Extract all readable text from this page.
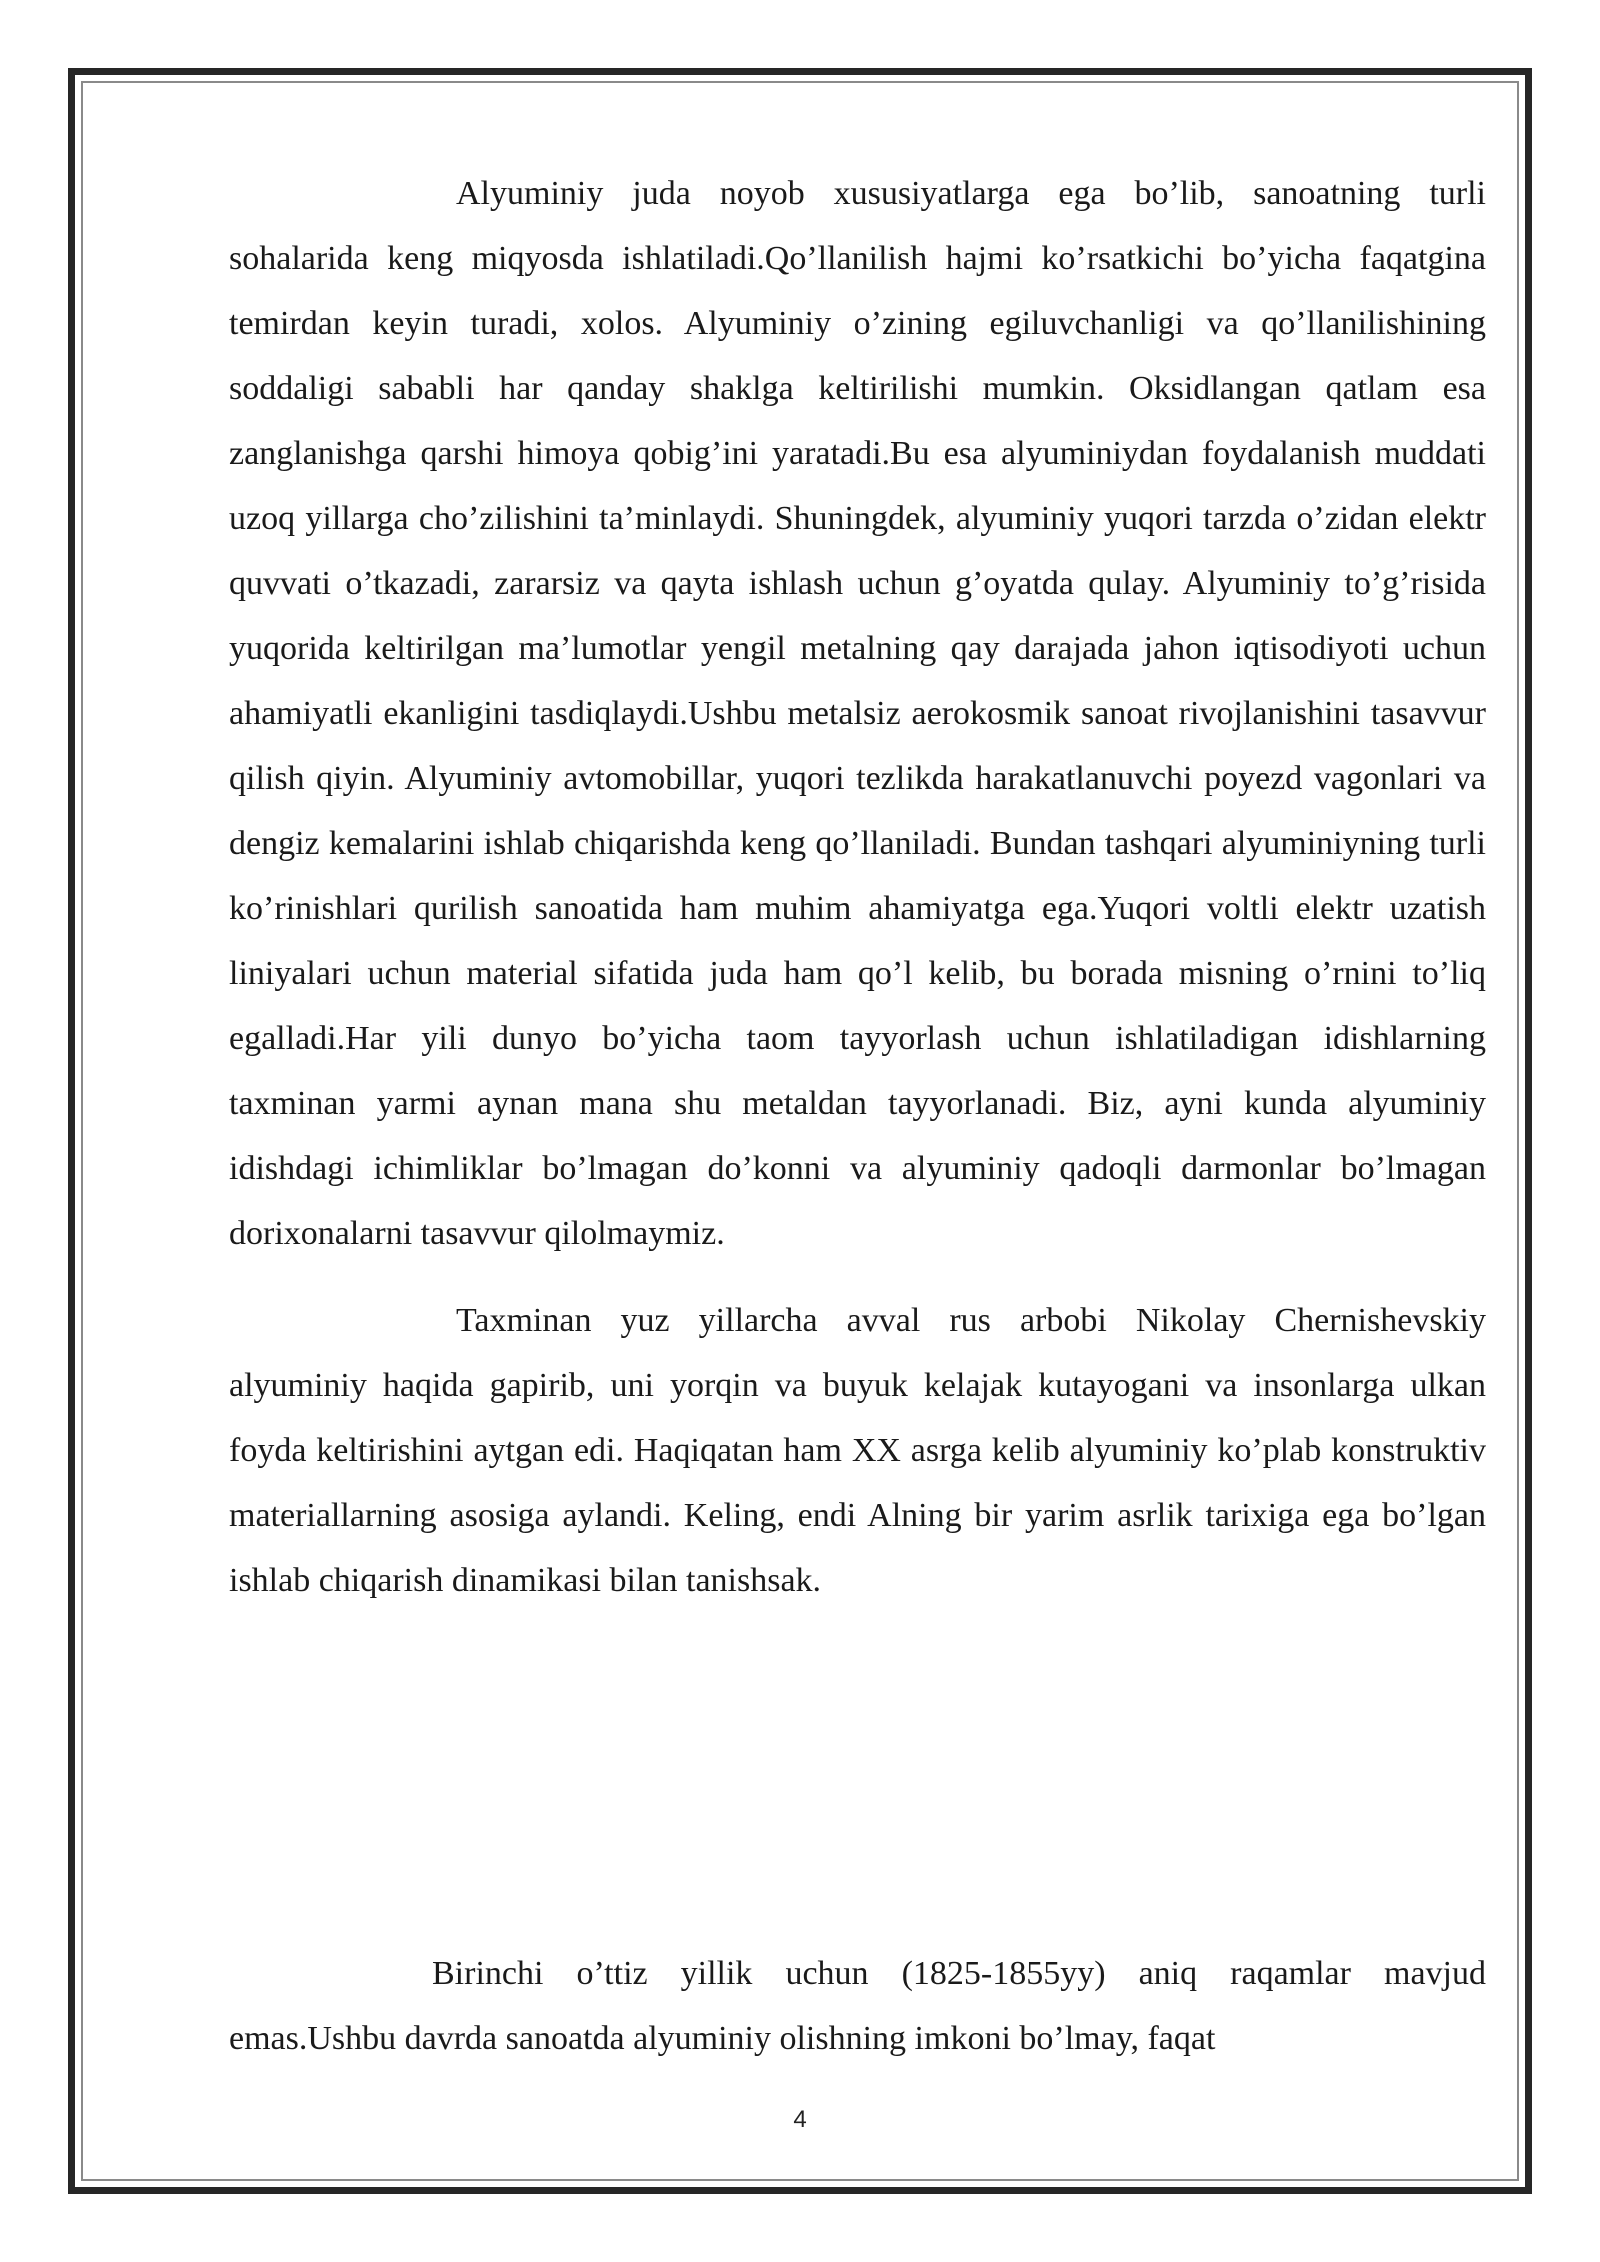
Alyuminiy juda noyob xususiyatlarga ega bo’lib, sanoatning turli sohalarida keng miqyosda ishlatiladi.Qo’llanilish hajmi ko’rsatkichi bo’yicha faqatgina temirdan keyin turadi, xolos. Alyuminiy o’zining egiluvchanligi va qo’llanilishining soddaligi sababli har qanday shaklga keltirilishi mumkin. Oksidlangan qatlam esa zanglanishga qarshi himoya qobig’ini yaratadi.Bu esa alyuminiydan foydalanish muddati uzoq yillarga cho’zilishini ta’minlaydi. Shuningdek, alyuminiy yuqori tarzda o’zidan elektr quvvati o’tkazadi, zararsiz va qayta ishlash uchun g’oyatda qulay. Alyuminiy to’g’risida yuqorida keltirilgan ma’lumotlar yengil metalning qay darajada jahon iqtisodiyoti uchun ahamiyatli ekanligini tasdiqlaydi.Ushbu metalsiz aerokosmik sanoat rivojlanishini tasavvur qilish qiyin. Alyuminiy avtomobillar, yuqori tezlikda harakatlanuvchi poyezd vagonlari va dengiz kemalarini ishlab chiqarishda keng qo’llaniladi. Bundan tashqari alyuminiyning turli ko’rinishlari qurilish sanoatida ham muhim ahamiyatga ega.Yuqori voltli elektr uzatish liniyalari uchun material sifatida juda ham qo’l kelib, bu borada misning o’rnini to’liq egalladi.Har yili dunyo bo’yicha taom tayyorlash uchun ishlatiladigan idishlarning taxminan yarmi aynan mana shu metaldan tayyorlanadi. Biz, ayni kunda alyuminiy idishdagi ichimliklar bo’lmagan do’konni va alyuminiy qadoqli darmonlar bo’lmagan dorixonalarni tasavvur qilolmaymiz.

Taxminan yuz yillarcha avval rus arbobi Nikolay Chernishevskiy alyuminiy haqida gapirib, uni yorqin va buyuk kelajak kutayogani va insonlarga ulkan foyda keltirishini aytgan edi. Haqiqatan ham XX asrga kelib alyuminiy ko’plab konstruktiv materiallarning asosiga aylandi. Keling, endi Alning bir yarim asrlik tarixiga ega bo’lgan ishlab chiqarish dinamikasi bilan tanishsak.

Birinchi o’ttiz yillik uchun (1825-1855yy) aniq raqamlar mavjud emas.Ushbu davrda sanoatda alyuminiy olishning imkoni bo’lmay, faqat

4
